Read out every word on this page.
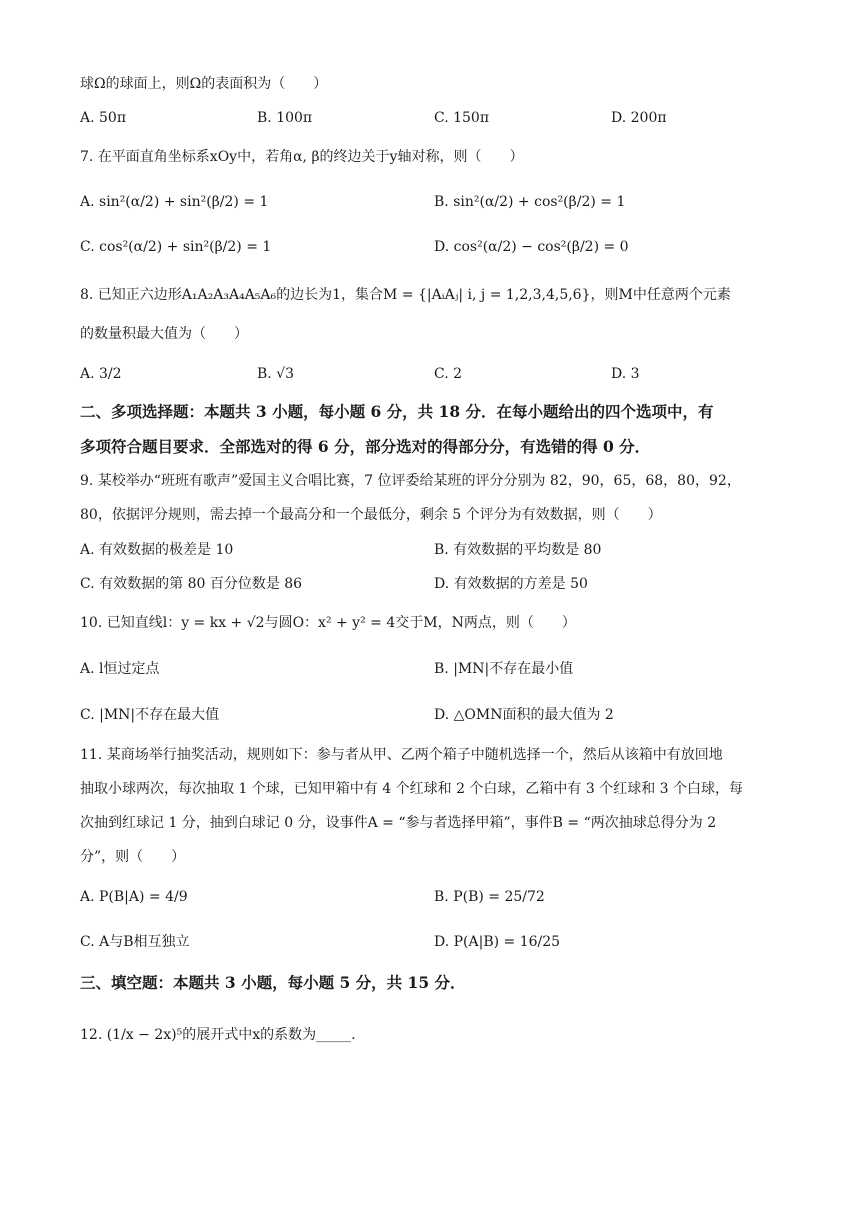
球Ω的球面上，则Ω的表面积为（　　）
A. 50π	B. 100π	C. 150π	D. 200π
7. 在平面直角坐标系xOy中，若角α, β的终边关于y轴对称，则（　　）
A. sin²(α/2) + sin²(β/2) = 1	B. sin²(α/2) + cos²(β/2) = 1
C. cos²(α/2) + sin²(β/2) = 1	D. cos²(α/2) − cos²(β/2) = 0
8. 已知正六边形A₁A₂A₃A₄A₅A₆的边长为1，集合M = {|AᵢAⱼ| i, j = 1,2,3,4,5,6}，则M中任意两个元素
的数量积最大值为（　　）
A. 3/2	B. √3	C. 2	D. 3
二、多项选择题：本题共 3 小题，每小题 6 分，共 18 分．在每小题给出的四个选项中，有
多项符合题目要求．全部选对的得 6 分，部分选对的得部分分，有选错的得 0 分．
9. 某校举办“班班有歌声”爱国主义合唱比赛，7 位评委给某班的评分分别为 82，90，65，68，80，92，
80，依据评分规则，需去掉一个最高分和一个最低分，剩余 5 个评分为有效数据，则（　　）
A. 有效数据的极差是 10	B. 有效数据的平均数是 80
C. 有效数据的第 80 百分位数是 86	D. 有效数据的方差是 50
10. 已知直线l：y = kx + √2与圆O：x² + y² = 4交于M，N两点，则（　　）
A. l恒过定点	B. |MN|不存在最小值
C. |MN|不存在最大值	D. △OMN面积的最大值为 2
11. 某商场举行抽奖活动，规则如下：参与者从甲、乙两个箱子中随机选择一个，然后从该箱中有放回地
抽取小球两次，每次抽取 1 个球，已知甲箱中有 4 个红球和 2 个白球，乙箱中有 3 个红球和 3 个白球，每
次抽到红球记 1 分，抽到白球记 0 分，设事件A = “参与者选择甲箱”，事件B = “两次抽球总得分为 2
分”，则（　　）
A. P(B|A) = 4/9	B. P(B) = 25/72
C. A与B相互独立	D. P(A|B) = 16/25
三、填空题：本题共 3 小题，每小题 5 分，共 15 分．
12. (1/x − 2x)⁵的展开式中x的系数为_____.
